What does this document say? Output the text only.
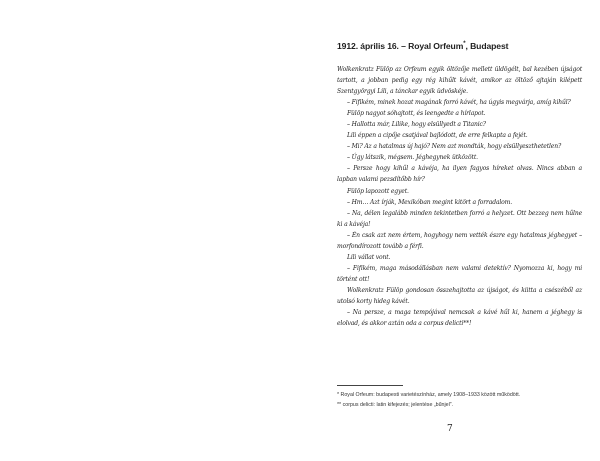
1912. április 16. – Royal Orfeum*, Budapest

Wolkenkratz Fülöp az Orfeum egyik öltözője mellett üldögélt, bal kezében újságot tartott, a jobban pedig egy rég kihűlt kávét, amikor az öltöző ajtaján kilépett Szentgyörgyi Lili, a tánckar egyik üdvöskéje.

– Fifikém, minek hozat magának forró kávét, ha úgyis megvárja, amíg kihűl?

Fülöp nagyot sóhajtott, és leengedte a hírlapot.

– Hallotta már, Lilike, hogy elsüllyedt a Titanic?

Lili éppen a cipője csatjával bajlódott, de erre felkapta a fejét.

– Mi? Az a hatalmas új hajó? Nem azt mondták, hogy elsüllyeszthetetlen?

– Úgy látszik, mégsem. Jéghegynek ütközött.

– Persze hogy kihűl a kávéja, ha ilyen fagyos híreket olvas. Nincs abban a lapban valami pezsdítőbb hír?

Fülöp lapozott egyet.

– Hm… Azt írják, Mexikóban megint kitört a forradalom.

– Na, délen legalább minden tekintetben forró a helyzet. Ott bezzeg nem hűlne ki a kávéja!

– Én csak azt nem értem, hogyhogy nem vették észre egy hatalmas jéghegyet – morfondírozott tovább a férfi.

Lili vállat vont.

– Fifikém, maga másodállásban nem valami detektív? Nyomozza ki, hogy mi történt ott!

Wolkenkratz Fülöp gondosan összehajtotta az újságot, és kiitta a csészéből az utolsó korty hideg kávét.

– Na persze, a maga tempójával nemcsak a kávé hűl ki, hanem a jéghegy is elolvad, és akkor aztán oda a corpus delicti**!

* Royal Orfeum: budapesti varietészínház, amely 1908–1933 között működött.
** corpus delicti: latin kifejezés; jelentése „bűnjel”.
7
